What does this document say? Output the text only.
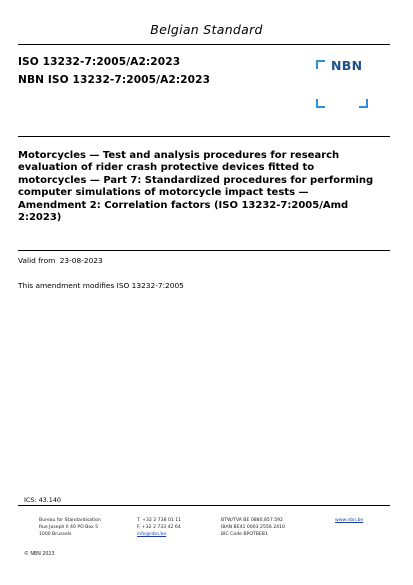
Belgian Standard
ISO 13232-7:2005/A2:2023
NBN ISO 13232-7:2005/A2:2023
NBN
Motorcycles — Test and analysis procedures for research evaluation of rider crash protective devices fitted to motorcycles — Part 7: Standardized procedures for performing computer simulations of motorcycle impact tests — Amendment 2: Correlation factors (ISO 13232-7:2005/Amd 2:2023)
Valid from 23-08-2023
This amendment modifies ISO 13232-7:2005
ICS: 43.140
Bureau for Standardisation
Rue Joseph II 40 PO Box 5
1000 Brussels
T. +32 2 738 01 11
F. +32 2 733 42 64
info@nbn.be
BTW/TVA BE 0880.857.592
IBAN BE41 0003 2556 2410
BIC Code BPOTBEB1
www.nbn.be
© NBN 2023
